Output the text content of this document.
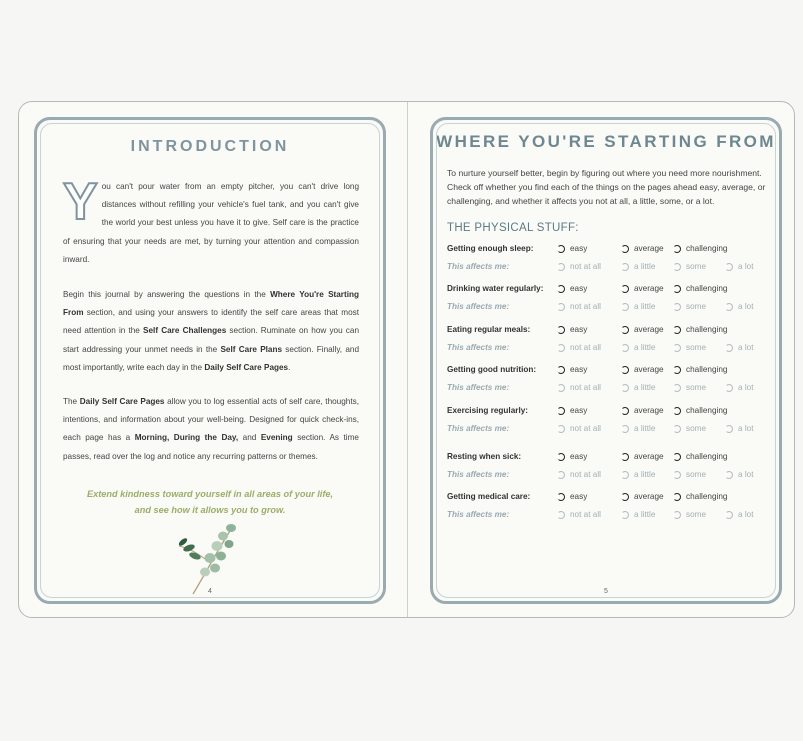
INTRODUCTION
You can't pour water from an empty pitcher, you can't drive long distances without refilling your vehicle's fuel tank, and you can't give the world your best unless you have it to give. Self care is the practice of ensuring that your needs are met, by turning your attention and compassion inward.
Begin this journal by answering the questions in the Where You're Starting From section, and using your answers to identify the self care areas that most need attention in the Self Care Challenges section. Ruminate on how you can start addressing your unmet needs in the Self Care Plans section. Finally, and most importantly, write each day in the Daily Self Care Pages.
The Daily Self Care Pages allow you to log essential acts of self care, thoughts, intentions, and information about your well-being. Designed for quick check-ins, each page has a Morning, During the Day, and Evening section. As time passes, read over the log and notice any recurring patterns or themes.
Extend kindness toward yourself in all areas of your life,
and see how it allows you to grow.
4
WHERE YOU'RE STARTING FROM
To nurture yourself better, begin by figuring out where you need more nourishment. Check off whether you find each of the things on the pages ahead easy, average, or challenging, and whether it affects you not at all, a little, some, or a lot.
THE PHYSICAL STUFF:
Getting enough sleep:	easy	average	challenging
This affects me:	not at all	a little	some	a lot
Drinking water regularly:	easy	average	challenging
This affects me:	not at all	a little	some	a lot
Eating regular meals:	easy	average	challenging
This affects me:	not at all	a little	some	a lot
Getting good nutrition:	easy	average	challenging
This affects me:	not at all	a little	some	a lot
Exercising regularly:	easy	average	challenging
This affects me:	not at all	a little	some	a lot
Resting when sick:	easy	average	challenging
This affects me:	not at all	a little	some	a lot
Getting medical care:	easy	average	challenging
This affects me:	not at all	a little	some	a lot
5
